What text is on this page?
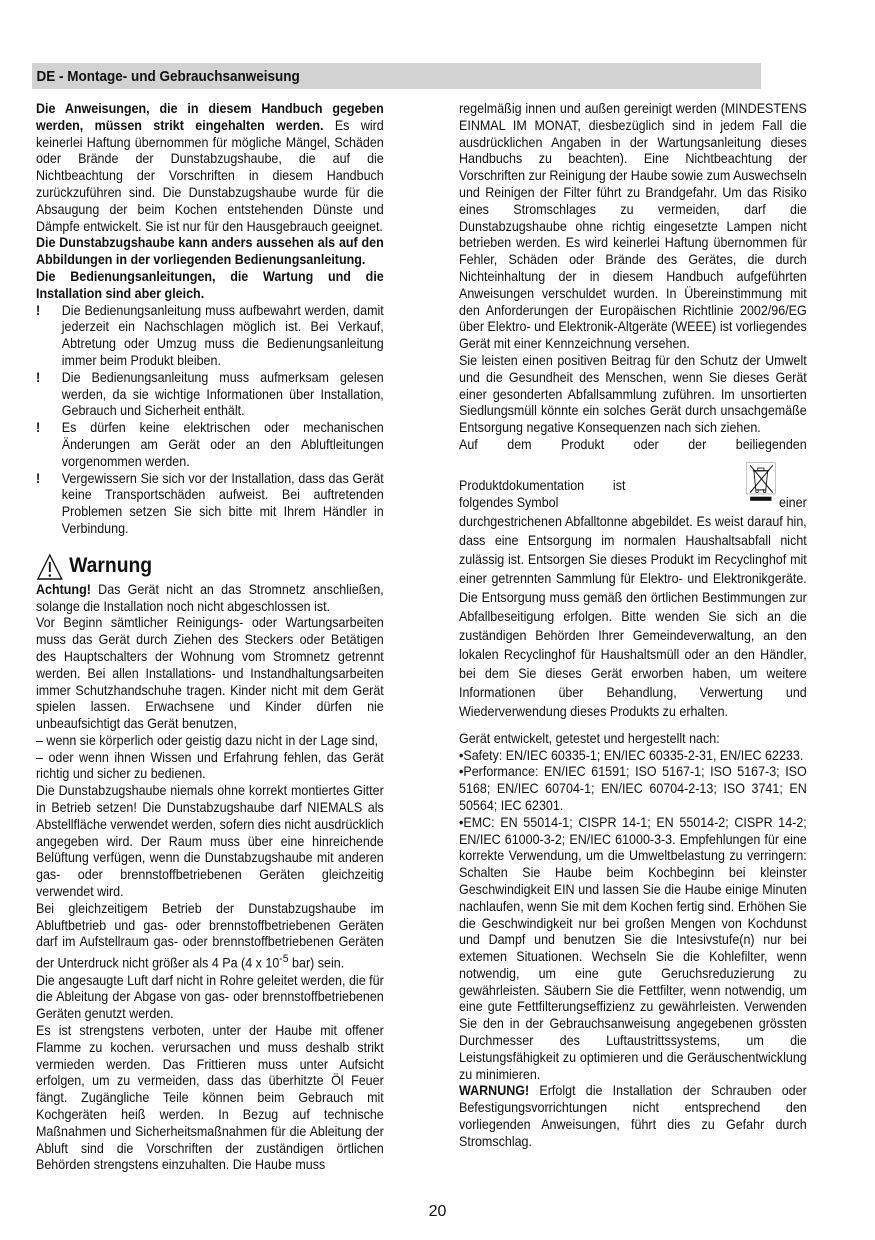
DE - Montage- und Gebrauchsanweisung

Die Anweisungen, die in diesem Handbuch gegeben werden, müssen strikt eingehalten werden. Es wird keinerlei Haftung übernommen für mögliche Mängel, Schäden oder Brände der Dunstabzugshaube, die auf die Nichtbeachtung der Vorschriften in diesem Handbuch zurückzuführen sind. Die Dunstabzugshaube wurde für die Absaugung der beim Kochen entstehenden Dünste und Dämpfe entwickelt. Sie ist nur für den Hausgebrauch geeignet.

Die Dunstabzugshaube kann anders aussehen als auf den Abbildungen in der vorliegenden Bedienungsanleitung.

Die Bedienungsanleitungen, die Wartung und die Installation sind aber gleich.

!	Die Bedienungsanleitung muss aufbewahrt werden, damit jederzeit ein Nachschlagen möglich ist. Bei Verkauf, Abtretung oder Umzug muss die Bedienungsanleitung immer beim Produkt bleiben.
!	Die Bedienungsanleitung muss aufmerksam gelesen werden, da sie wichtige Informationen über Installation, Gebrauch und Sicherheit enthält.
!	Es dürfen keine elektrischen oder mechanischen Änderungen am Gerät oder an den Abluftleitungen vorgenommen werden.
!	Vergewissern Sie sich vor der Installation, dass das Gerät keine Transportschäden aufweist. Bei auftretenden Problemen setzen Sie sich bitte mit Ihrem Händler in Verbindung.
Warnung

Achtung! Das Gerät nicht an das Stromnetz anschließen, solange die Installation noch nicht abgeschlossen ist.

Vor Beginn sämtlicher Reinigungs- oder Wartungsarbeiten muss das Gerät durch Ziehen des Steckers oder Betätigen des Hauptschalters der Wohnung vom Stromnetz getrennt werden. Bei allen Installations- und Instandhaltungsarbeiten immer Schutzhandschuhe tragen. Kinder nicht mit dem Gerät spielen lassen. Erwachsene und Kinder dürfen nie unbeaufsichtigt das Gerät benutzen,

– wenn sie körperlich oder geistig dazu nicht in der Lage sind,

– oder wenn ihnen Wissen und Erfahrung fehlen, das Gerät richtig und sicher zu bedienen.

Die Dunstabzugshaube niemals ohne korrekt montiertes Gitter in Betrieb setzen! Die Dunstabzugshaube darf NIEMALS als Abstellfläche verwendet werden, sofern dies nicht ausdrücklich angegeben wird. Der Raum muss über eine hinreichende Belüftung verfügen, wenn die Dunstabzugshaube mit anderen gas- oder brennstoffbetriebenen Geräten gleichzeitig verwendet wird.

Bei gleichzeitigem Betrieb der Dunstabzugshaube im Abluftbetrieb und gas- oder brennstoffbetriebenen Geräten darf im Aufstellraum gas- oder brennstoffbetriebenen Geräten der Unterdruck nicht größer als 4 Pa (4 x $10^{-5}$ bar) sein.

Die angesaugte Luft darf nicht in Rohre geleitet werden, die für die Ableitung der Abgase von gas- oder brennstoffbetriebenen Geräten genutzt werden.

Es ist strengstens verboten, unter der Haube mit offener Flamme zu kochen. verursachen und muss deshalb strikt vermieden werden. Das Frittieren muss unter Aufsicht erfolgen, um zu vermeiden, dass das überhitzte Öl Feuer fängt. Zugängliche Teile können beim Gebrauch mit Kochgeräten heiß werden. In Bezug auf technische Maßnahmen und Sicherheitsmaßnahmen für die Ableitung der Abluft sind die Vorschriften der zuständigen örtlichen Behörden strengstens einzuhalten. Die Haube muss

regelmäßig innen und außen gereinigt werden (MINDESTENS EINMAL IM MONAT, diesbezüglich sind in jedem Fall die ausdrücklichen Angaben in der Wartungsanleitung dieses Handbuchs zu beachten). Eine Nichtbeachtung der Vorschriften zur Reinigung der Haube sowie zum Auswechseln und Reinigen der Filter führt zu Brandgefahr. Um das Risiko eines Stromschlages zu vermeiden, darf die Dunstabzugshaube ohne richtig eingesetzte Lampen nicht betrieben werden. Es wird keinerlei Haftung übernommen für Fehler, Schäden oder Brände des Gerätes, die durch Nichteinhaltung der in diesem Handbuch aufgeführten Anweisungen verschuldet wurden. In Übereinstimmung mit den Anforderungen der Europäischen Richtlinie 2002/96/EG über Elektro- und Elektronik-Altgeräte (WEEE) ist vorliegendes Gerät mit einer Kennzeichnung versehen.

Sie leisten einen positiven Beitrag für den Schutz der Umwelt und die Gesundheit des Menschen, wenn Sie dieses Gerät einer gesonderten Abfallsammlung zuführen. Im unsortierten Siedlungsmüll könnte ein solches Gerät durch unsachgemäße Entsorgung negative Konsequenzen nach sich ziehen.

Auf dem Produkt oder der beiliegenden
Produktdokumentation ist folgendes Symbol	einer

durchgestrichenen Abfalltonne abgebildet. Es weist darauf hin, dass eine Entsorgung im normalen Haushaltsabfall nicht zulässig ist. Entsorgen Sie dieses Produkt im Recyclinghof mit einer getrennten Sammlung für Elektro- und Elektronikgeräte. Die Entsorgung muss gemäß den örtlichen Bestimmungen zur Abfallbeseitigung erfolgen. Bitte wenden Sie sich an die zuständigen Behörden Ihrer Gemeindeverwaltung, an den lokalen Recyclinghof für Haushaltsmüll oder an den Händler, bei dem Sie dieses Gerät erworben haben, um weitere Informationen über Behandlung, Verwertung und Wiederverwendung dieses Produkts zu erhalten.

Gerät entwickelt, getestet und hergestellt nach:

•Safety: EN/IEC 60335-1; EN/IEC 60335-2-31, EN/IEC 62233.

•Performance: EN/IEC 61591; ISO 5167-1; ISO 5167-3; ISO 5168; EN/IEC 60704-1; EN/IEC 60704-2-13; ISO 3741; EN 50564; IEC 62301.

•EMC: EN 55014-1; CISPR 14-1; EN 55014-2; CISPR 14-2; EN/IEC 61000-3-2; EN/IEC 61000-3-3. Empfehlungen für eine korrekte Verwendung, um die Umweltbelastung zu verringern: Schalten Sie Haube beim Kochbeginn bei kleinster Geschwindigkeit EIN und lassen Sie die Haube einige Minuten nachlaufen, wenn Sie mit dem Kochen fertig sind. Erhöhen Sie die Geschwindigkeit nur bei großen Mengen von Kochdunst und Dampf und benutzen Sie die Intesivstufe(n) nur bei extemen Situationen. Wechseln Sie die Kohlefilter, wenn notwendig, um eine gute Geruchsreduzierung zu gewährleisten. Säubern Sie die Fettfilter, wenn notwendig, um eine gute Fettfilterungseffizienz zu gewährleisten. Verwenden Sie den in der Gebrauchsanweisung angegebenen grössten Durchmesser des Luftaustrittssystems, um die Leistungsfähigkeit zu optimieren und die Geräuschentwicklung zu minimieren.

WARNUNG! Erfolgt die Installation der Schrauben oder Befestigungsvorrichtungen nicht entsprechend den vorliegenden Anweisungen, führt dies zu Gefahr durch Stromschlag.

20
